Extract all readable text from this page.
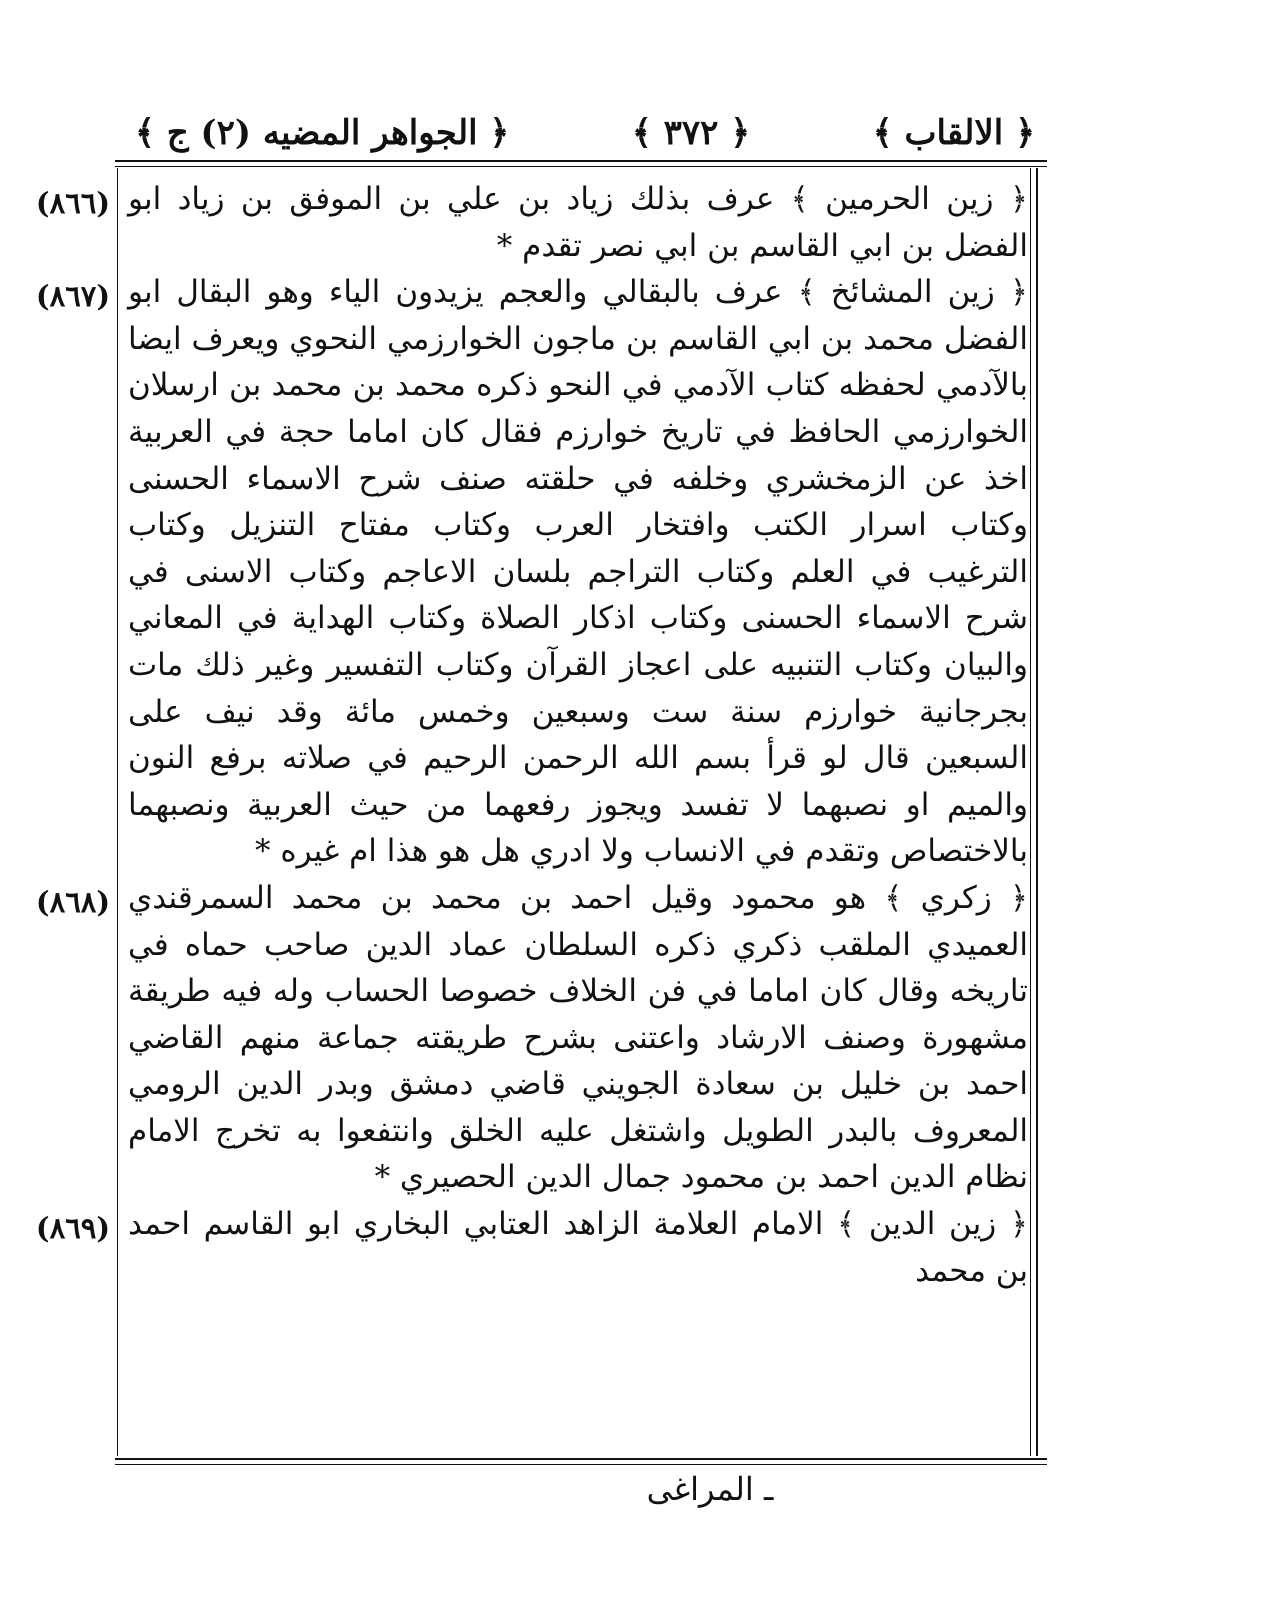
﴿ الجواهر المضيه (٢) ج ﴾	﴿ ٣٧٢ ﴾	﴿ الالقاب ﴾
(٨٦٦) ﴿ زين الحرمين ﴾ عرف بذلك زياد بن علي بن الموفق بن زياد ابو الفضل بن ابي القاسم بن ابي نصر تقدم *

(٨٦٧) ﴿ زين المشائخ ﴾ عرف بالبقالي والعجم يزيدون الياء وهو البقال ابو الفضل محمد بن ابي القاسم بن ماجون الخوارزمي النحوي ويعرف ايضا بالآدمي لحفظه كتاب الآدمي في النحو ذكره محمد بن محمد بن ارسلان الخوارزمي الحافظ في تاريخ خوارزم فقال كان اماما حجة في العربية اخذ عن الزمخشري وخلفه في حلقته صنف شرح الاسماء الحسنى وكتاب اسرار الكتب وافتخار العرب وكتاب مفتاح التنزيل وكتاب الترغيب في العلم وكتاب التراجم بلسان الاعاجم وكتاب الاسنى في شرح الاسماء الحسنى وكتاب اذكار الصلاة وكتاب الهداية في المعاني والبيان وكتاب التنبيه على اعجاز القرآن وكتاب التفسير وغير ذلك مات بجرجانية خوارزم سنة ست وسبعين وخمس مائة وقد نيف على السبعين قال لو قرأ بسم الله الرحمن الرحيم في صلاته برفع النون والميم او نصبهما لا تفسد ويجوز رفعهما من حيث العربية ونصبهما بالاختصاص وتقدم في الانساب ولا ادري هل هو هذا ام غيره *

(٨٦٨) ﴿ زكري ﴾ هو محمود وقيل احمد بن محمد بن محمد السمرقندي العميدي الملقب ذكري ذكره السلطان عماد الدين صاحب حماه في تاريخه وقال كان اماما في فن الخلاف خصوصا الحساب وله فيه طريقة مشهورة وصنف الارشاد واعتنى بشرح طريقته جماعة منهم القاضي احمد بن خليل بن سعادة الجويني قاضي دمشق وبدر الدين الرومي المعروف بالبدر الطويل واشتغل عليه الخلق وانتفعوا به تخرج الامام نظام الدين احمد بن محمود جمال الدين الحصيري *

(٨٦٩) ﴿ زين الدين ﴾ الامام العلامة الزاهد العتابي البخاري ابو القاسم احمد بن محمد

ـ المراغى
